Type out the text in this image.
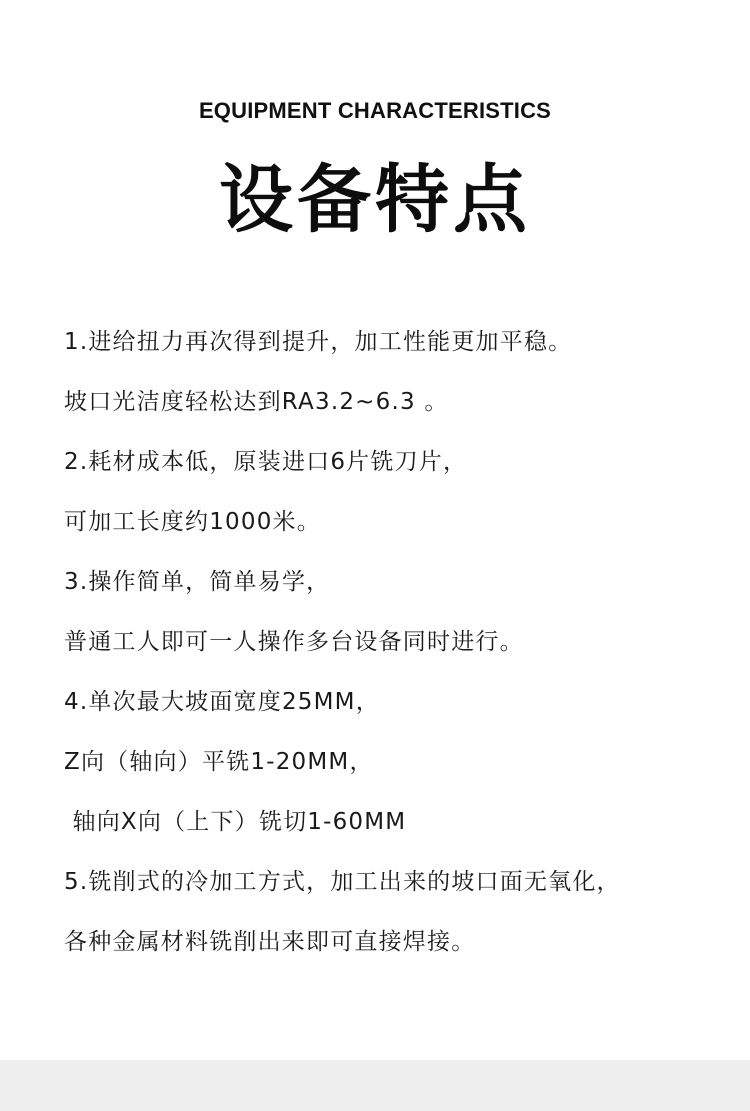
EQUIPMENT CHARACTERISTICS
设备特点
1.进给扭力再次得到提升，加工性能更加平稳。
坡口光洁度轻松达到RA3.2~6.3 。
2.耗材成本低，原装进口6片铣刀片，
可加工长度约1000米。
3.操作简单，简单易学，
普通工人即可一人操作多台设备同时进行。
4.单次最大坡面宽度25MM，
Z向（轴向）平铣1-20MM，
轴向X向（上下）铣切1-60MM
5.铣削式的冷加工方式，加工出来的坡口面无氧化，
各种金属材料铣削出来即可直接焊接。
